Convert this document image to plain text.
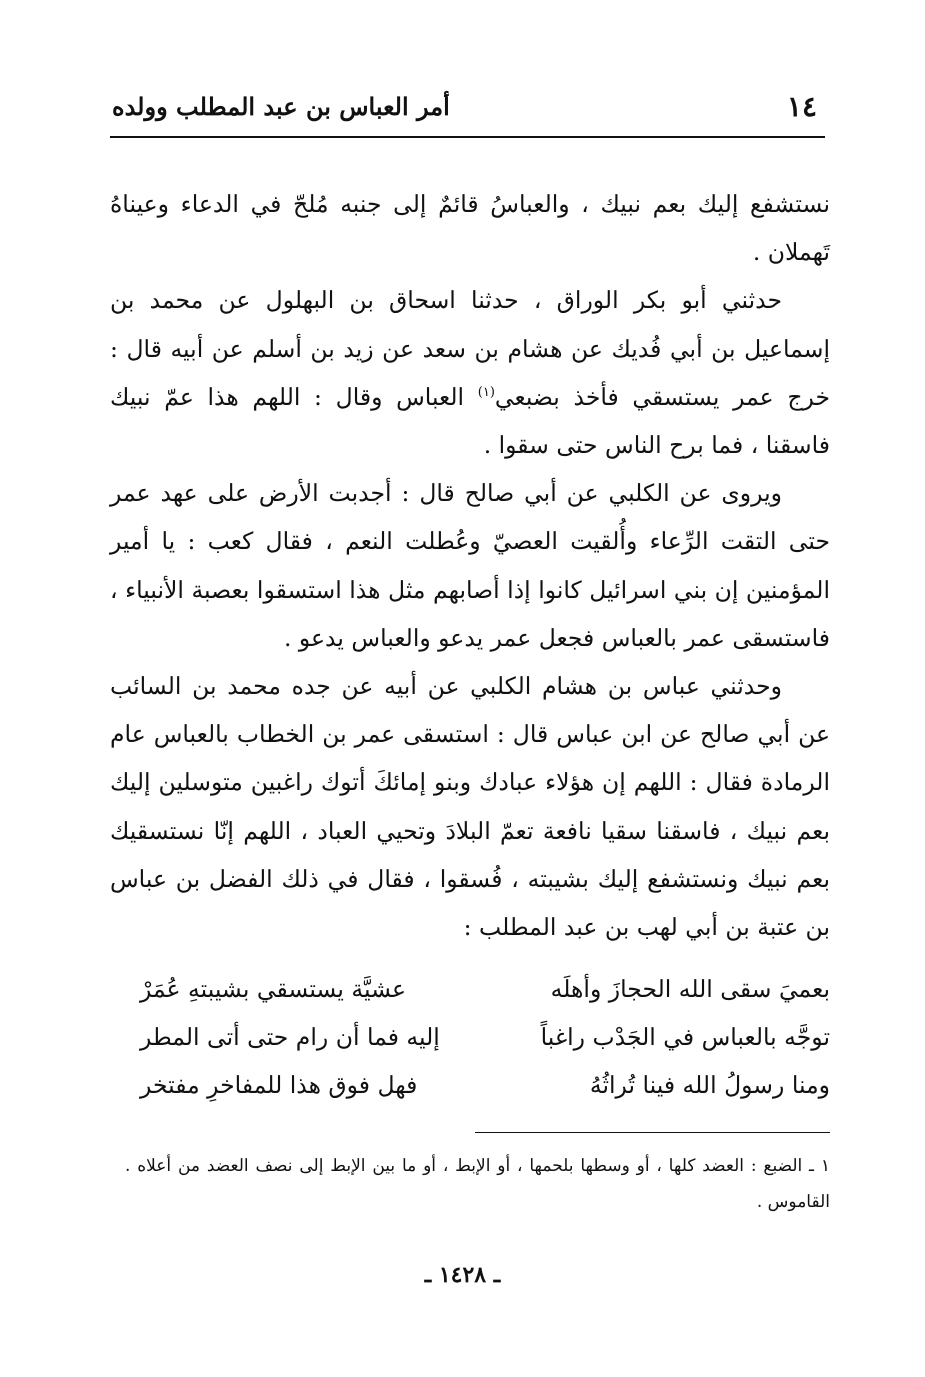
١٤
أمر العباس بن عبد المطلب وولده

نستشفع إليك بعم نبيك ، والعباسُ قائمٌ إلى جنبه مُلحّ في الدعاء وعيناهُ تَهملان .

حدثني أبو بكر الوراق ، حدثنا اسحاق بن البهلول عن محمد بن إسماعيل بن أبي فُديك عن هشام بن سعد عن زيد بن أسلم عن أبيه قال : خرج عمر يستسقي فأخذ بضبعي$^{(١)}$ العباس وقال : اللهم هذا عمّ نبيك فاسقنا ، فما برح الناس حتى سقوا .

ويروى عن الكلبي عن أبي صالح قال : أجدبت الأرض على عهد عمر حتى التقت الرِّعاء وأُلقيت العصيّ وعُطلت النعم ، فقال كعب : يا أمير المؤمنين إن بني اسرائيل كانوا إذا أصابهم مثل هذا استسقوا بعصبة الأنبياء ، فاستسقى عمر بالعباس فجعل عمر يدعو والعباس يدعو .

وحدثني عباس بن هشام الكلبي عن أبيه عن جده محمد بن السائب عن أبي صالح عن ابن عباس قال : استسقى عمر بن الخطاب بالعباس عام الرمادة فقال : اللهم إن هؤلاء عبادك وبنو إمائكَ أتوك راغبين متوسلين إليك بعم نبيك ، فاسقنا سقيا نافعة تعمّ البلادَ وتحيي العباد ، اللهم إنّا نستسقيك بعم نبيك ونستشفع إليك بشيبته ، فُسقوا ، فقال في ذلك الفضل بن عباس بن عتبة بن أبي لهب بن عبد المطلب :

بعميَ سقى الله الحجازَ وأهلَه
عشيَّة يستسقي بشيبتهِ عُمَرْ
توجَّه بالعباس في الجَدْب راغباً
إليه فما أن رام حتى أتى المطر
ومنا رسولُ الله فينا تُراثُهُ
فهل فوق هذا للمفاخرِ مفتخر

١ ـ الضبع : العضد كلها ، أو وسطها بلحمها ، أو الإبط ، أو ما بين الإبط إلى نصف العضد من أعلاه . القاموس .

ـ ١٤٢٨ ـ
